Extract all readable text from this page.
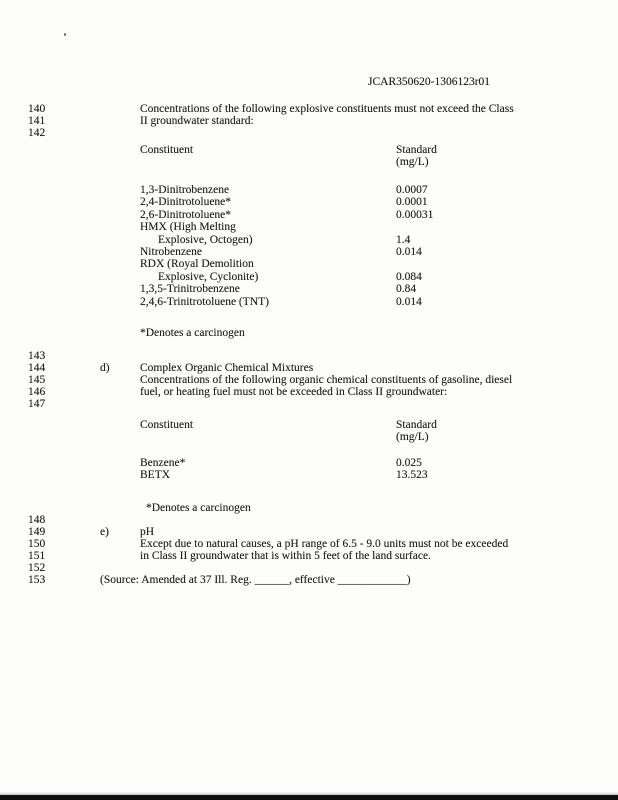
JCAR350620-1306123r01
140
141
142
143
144
145
146
147
148
149
150
151
152
153
Concentrations of the following explosive constituents must not exceed the Class
II groundwater standard:
Constituent	Standard
(mg/L)
1,3-Dinitrobenzene	0.0007
2,4-Dinitrotoluene*	0.0001
2,6-Dinitrotoluene*	0.00031
HMX (High Melting
Explosive, Octogen)	1.4
Nitrobenzene	0.014
RDX (Royal Demolition
Explosive, Cyclonite)	0.084
1,3,5-Trinitrobenzene	0.84
2,4,6-Trinitrotoluene (TNT)	0.014
*Denotes a carcinogen
d)	Complex Organic Chemical Mixtures
Concentrations of the following organic chemical constituents of gasoline, diesel
fuel, or heating fuel must not be exceeded in Class II groundwater:
Constituent	Standard
(mg/L)
Benzene*	0.025
BETX	13.523
*Denotes a carcinogen
e)	pH
Except due to natural causes, a pH range of 6.5 - 9.0 units must not be exceeded
in Class II groundwater that is within 5 feet of the land surface.
(Source: Amended at 37 Ill. Reg. ______, effective ____________)
